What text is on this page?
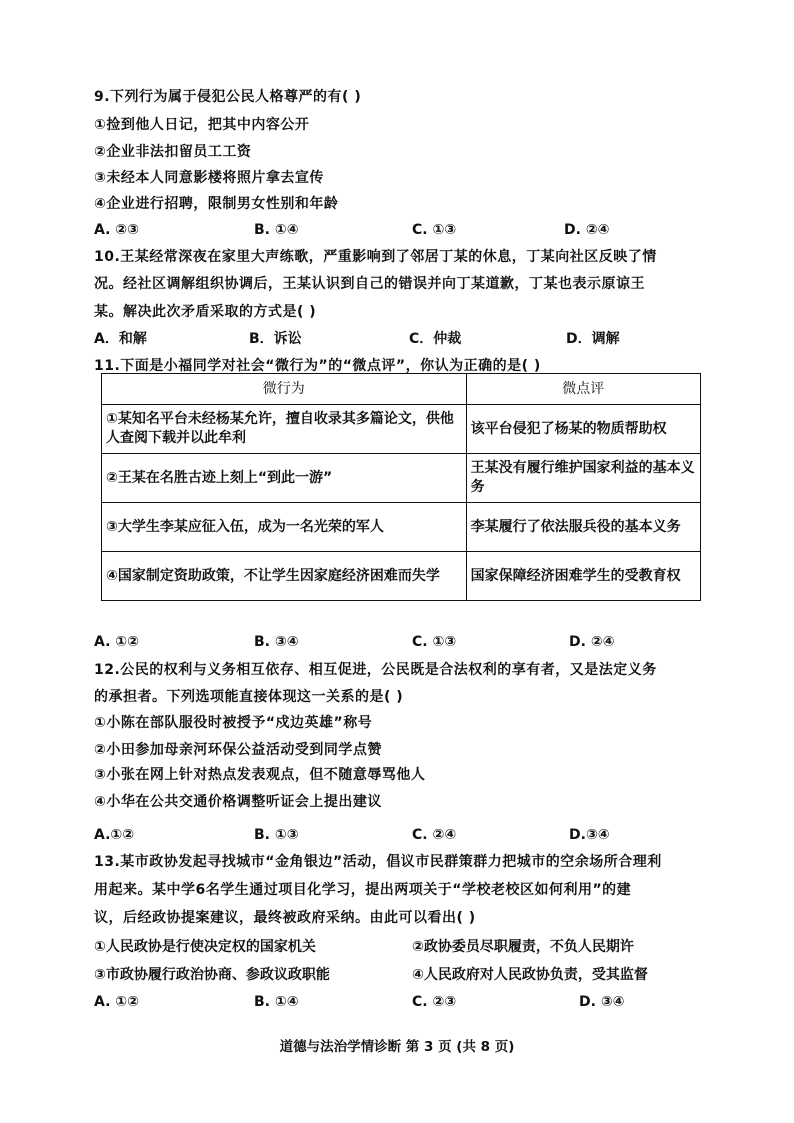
9.下列行为属于侵犯公民人格尊严的有( )
①捡到他人日记，把其中内容公开
②企业非法扣留员工工资
③未经本人同意影楼将照片拿去宣传
④企业进行招聘，限制男女性别和年龄
A. ②③	B. ①④	C. ①③	D. ②④
10.王某经常深夜在家里大声练歌，严重影响到了邻居丁某的休息，丁某向社区反映了情
况。经社区调解组织协调后，王某认识到自己的错误并向丁某道歉，丁某也表示原谅王
某。解决此次矛盾采取的方式是( )
A．和解	B．诉讼	C．仲裁	D．调解
11.下面是小福同学对社会“微行为”的“微点评”，你认为正确的是( )
微行为	微点评
①某知名平台未经杨某允许，擅自收录其多篇论文，供他人查阅下载并以此牟利	该平台侵犯了杨某的物质帮助权
②王某在名胜古迹上刻上“到此一游”	王某没有履行维护国家利益的基本义务
③大学生李某应征入伍，成为一名光荣的军人	李某履行了依法服兵役的基本义务
④国家制定资助政策，不让学生因家庭经济困难而失学	国家保障经济困难学生的受教育权
A. ①②	B. ③④	C. ①③	D. ②④
12.公民的权利与义务相互依存、相互促进，公民既是合法权利的享有者，又是法定义务
的承担者。下列选项能直接体现这一关系的是( )
①小陈在部队服役时被授予“戍边英雄”称号
②小田参加母亲河环保公益活动受到同学点赞
③小张在网上针对热点发表观点，但不随意辱骂他人
④小华在公共交通价格调整听证会上提出建议
A.①②	B. ①③	C. ②④	D.③④
13.某市政协发起寻找城市“金角银边”活动，倡议市民群策群力把城市的空余场所合理利
用起来。某中学6名学生通过项目化学习，提出两项关于“学校老校区如何利用”的建
议，后经政协提案建议，最终被政府采纳。由此可以看出( )
①人民政协是行使决定权的国家机关	②政协委员尽职履责，不负人民期许
③市政协履行政治协商、参政议政职能	④人民政府对人民政协负责，受其监督
A. ①②	B. ①④	C. ②③	D. ③④
道德与法治学情诊断 第 3 页 (共 8 页)
